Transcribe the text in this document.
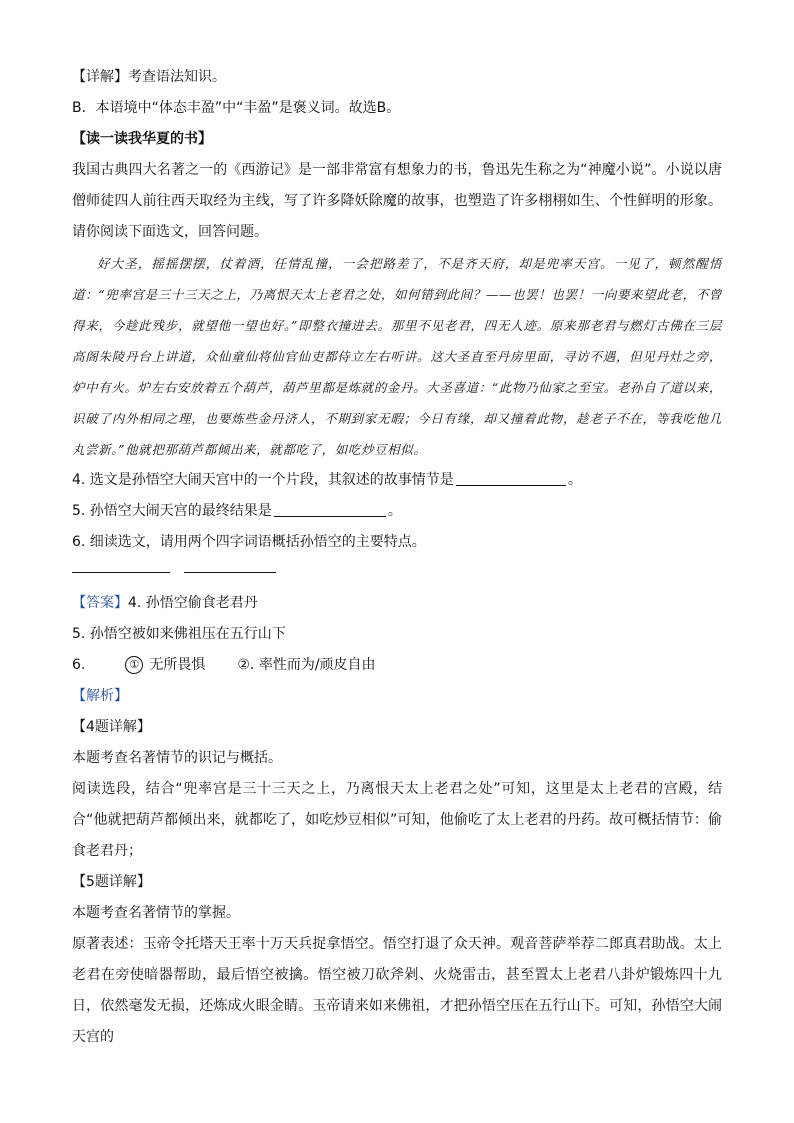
【详解】考查语法知识。
B．本语境中“体态丰盈”中“丰盈”是褒义词。故选B。
【读一读我华夏的书】
我国古典四大名著之一的《西游记》是一部非常富有想象力的书，鲁迅先生称之为“神魔小说”。小说以唐僧师徒四人前往西天取经为主线，写了许多降妖除魔的故事，也塑造了许多栩栩如生、个性鲜明的形象。请你阅读下面选文，回答问题。

好大圣，摇摇摆摆，仗着酒，任情乱撞，一会把路差了，不是齐天府，却是兜率天宫。一见了，顿然醒悟道：“兜率宫是三十三天之上，乃离恨天太上老君之处，如何错到此间？——也罢！也罢！一向要来望此老，不曾得来，今趁此残步，就望他一望也好。”即整衣撞进去。那里不见老君，四无人迹。原来那老君与燃灯古佛在三层高阁朱陵丹台上讲道，众仙童仙将仙官仙吏都侍立左右听讲。这大圣直至丹房里面，寻访不遇，但见丹灶之旁，炉中有火。炉左右安放着五个葫芦，葫芦里都是炼就的金丹。大圣喜道：“此物乃仙家之至宝。老孙自了道以来，识破了内外相同之理，也要炼些金丹济人，不期到家无暇；今日有缘，却又撞着此物，趁老子不在，等我吃他几丸尝新。”他就把那葫芦都倾出来，就都吃了，如吃炒豆相似。

4. 选文是孙悟空大闹天宫中的一个片段，其叙述的故事情节是	。
5. 孙悟空大闹天宫的最终结果是	。
6. 细读选文，请用两个四字词语概括孙悟空的主要特点。
【答案】4. 孙悟空偷食老君丹
5. 孙悟空被如来佛祖压在五行山下
6.	① 无所畏惧 ②. 率性而为/顽皮自由
【解析】
【4题详解】
本题考查名著情节的识记与概括。
阅读选段，结合“兜率宫是三十三天之上，乃离恨天太上老君之处”可知，这里是太上老君的宫殿，结合“他就把葫芦都倾出来，就都吃了，如吃炒豆相似”可知，他偷吃了太上老君的丹药。故可概括情节：偷食老君丹；
【5题详解】
本题考查名著情节的掌握。
原著表述：玉帝令托塔天王率十万天兵捉拿悟空。悟空打退了众天神。观音菩萨举荐二郎真君助战。太上老君在旁使暗器帮助，最后悟空被擒。悟空被刀砍斧剁、火烧雷击，甚至置太上老君八卦炉锻炼四十九日，依然毫发无损，还炼成火眼金睛。玉帝请来如来佛祖，才把孙悟空压在五行山下。可知，孙悟空大闹天宫的
